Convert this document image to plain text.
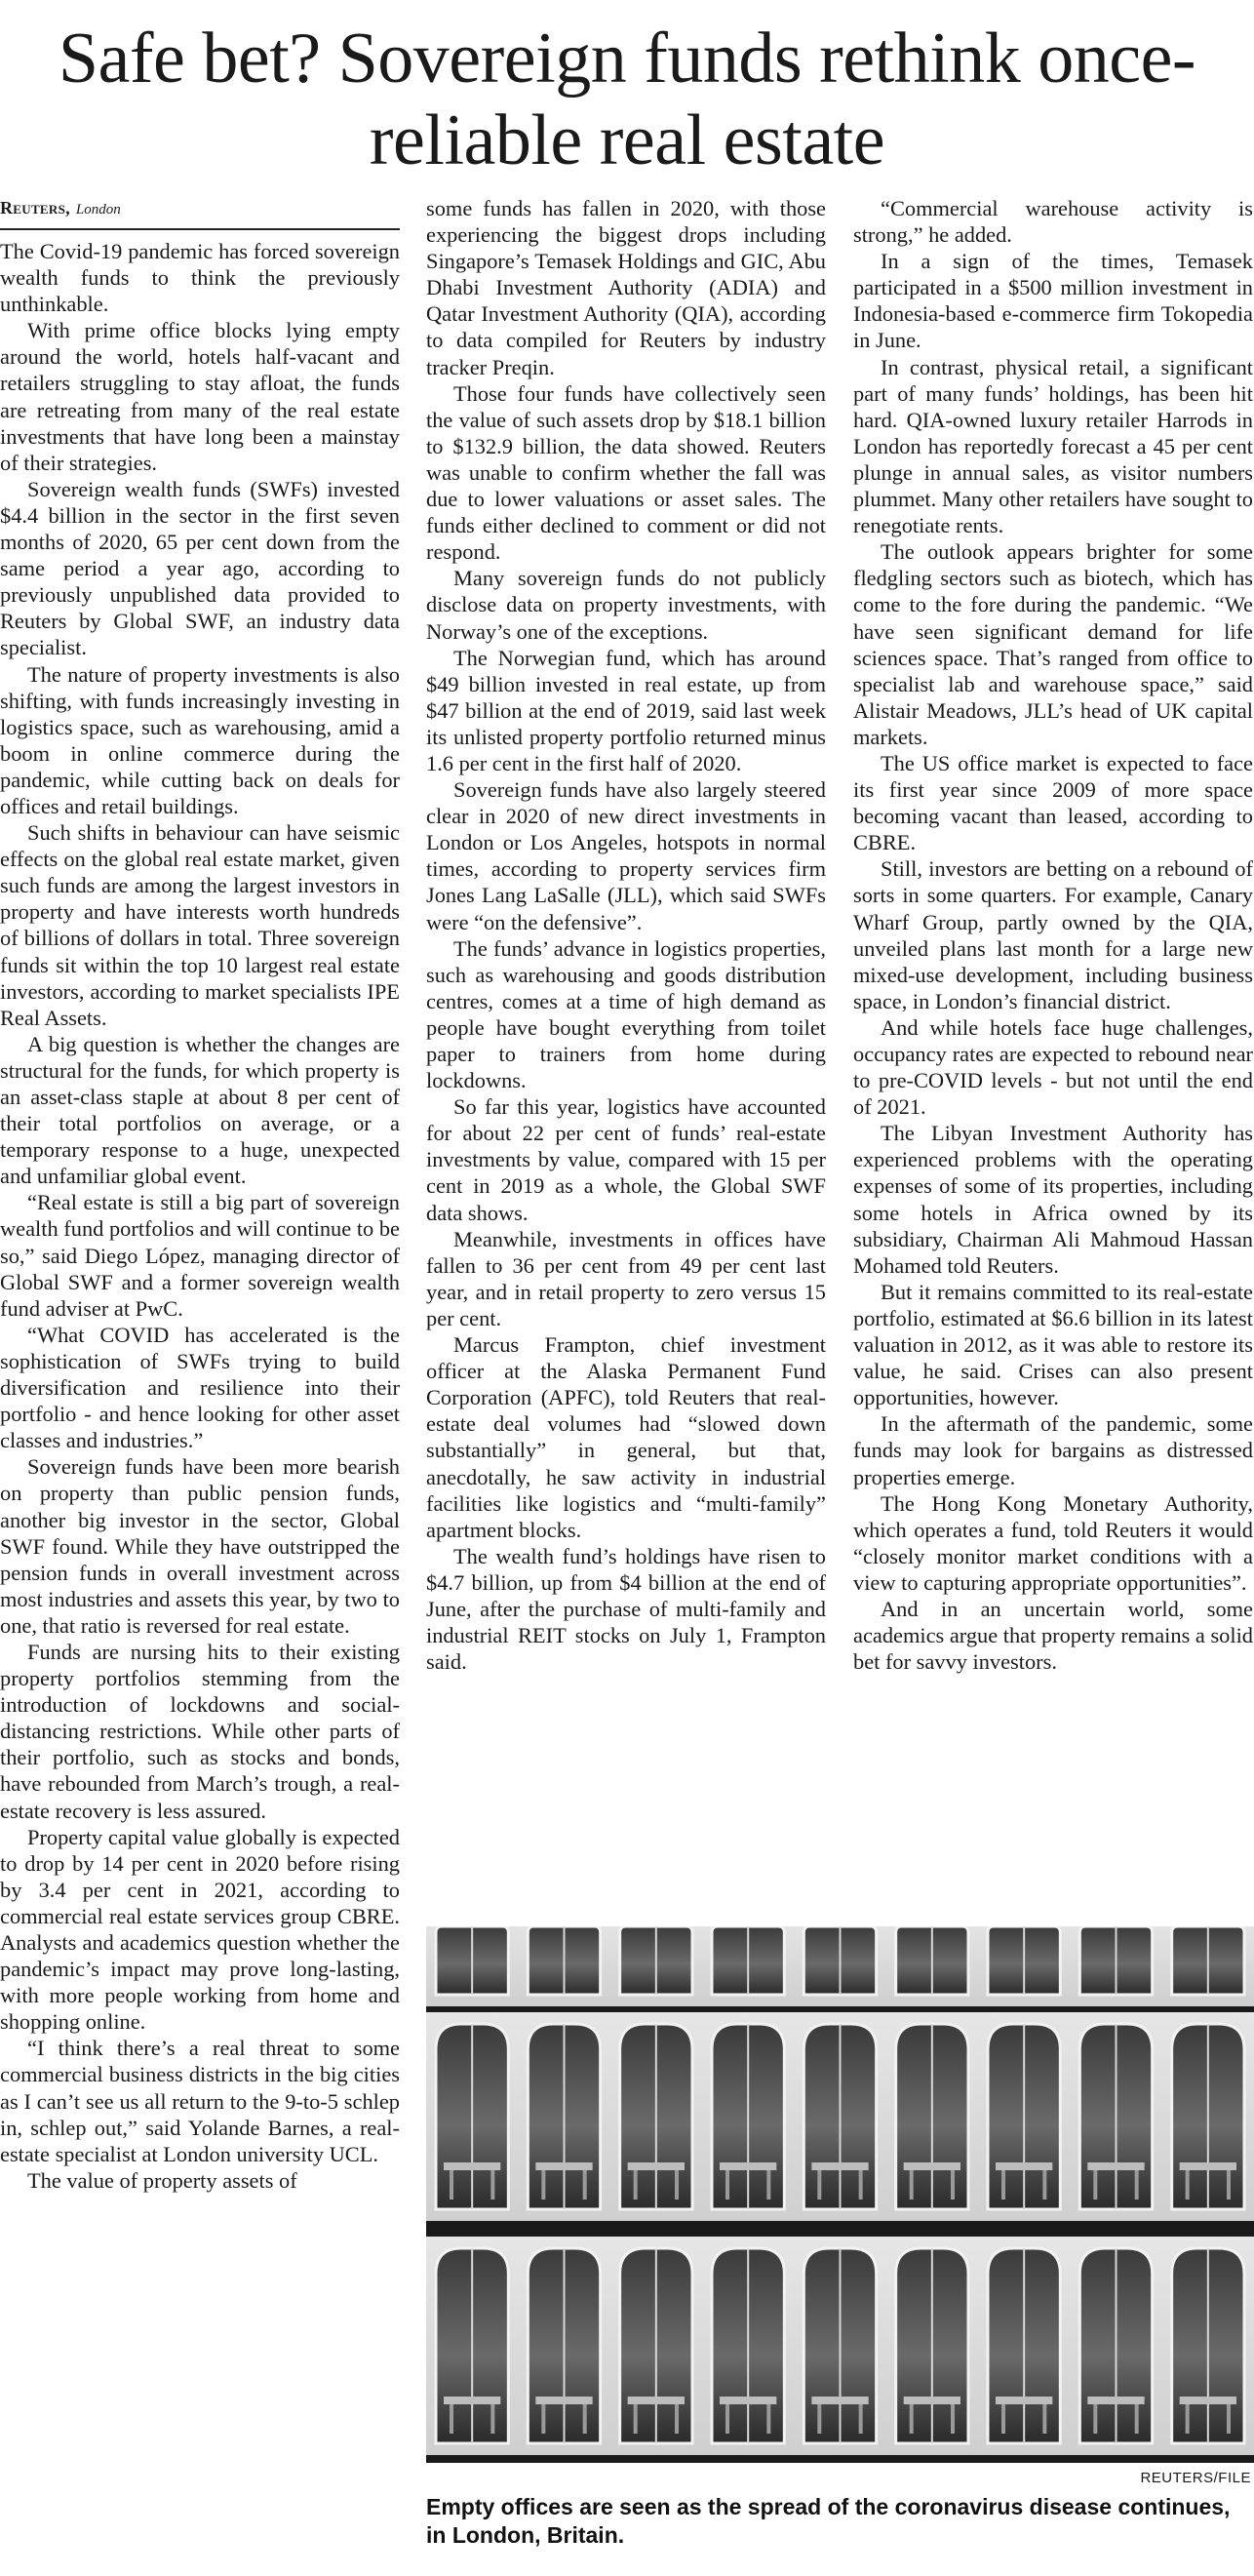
Safe bet? Sovereign funds rethink once-reliable real estate
Reuters, London

The Covid-19 pandemic has forced sovereign wealth funds to think the previously unthinkable.

With prime office blocks lying empty around the world, hotels half-vacant and retailers struggling to stay afloat, the funds are retreating from many of the real estate investments that have long been a mainstay of their strategies.

Sovereign wealth funds (SWFs) invested $4.4 billion in the sector in the first seven months of 2020, 65 per cent down from the same period a year ago, according to previously unpublished data provided to Reuters by Global SWF, an industry data specialist.

The nature of property investments is also shifting, with funds increasingly investing in logistics space, such as warehousing, amid a boom in online commerce during the pandemic, while cutting back on deals for offices and retail buildings.

Such shifts in behaviour can have seismic effects on the global real estate market, given such funds are among the largest investors in property and have interests worth hundreds of billions of dollars in total. Three sovereign funds sit within the top 10 largest real estate investors, according to market specialists IPE Real Assets.

A big question is whether the changes are structural for the funds, for which property is an asset-class staple at about 8 per cent of their total portfolios on average, or a temporary response to a huge, unexpected and unfamiliar global event.

“Real estate is still a big part of sovereign wealth fund portfolios and will continue to be so,” said Diego López, managing director of Global SWF and a former sovereign wealth fund adviser at PwC.

“What COVID has accelerated is the sophistication of SWFs trying to build diversification and resilience into their portfolio - and hence looking for other asset classes and industries.”

Sovereign funds have been more bearish on property than public pension funds, another big investor in the sector, Global SWF found. While they have outstripped the pension funds in overall investment across most industries and assets this year, by two to one, that ratio is reversed for real estate.

Funds are nursing hits to their existing property portfolios stemming from the introduction of lockdowns and social-distancing restrictions. While other parts of their portfolio, such as stocks and bonds, have rebounded from March’s trough, a real-estate recovery is less assured.

Property capital value globally is expected to drop by 14 per cent in 2020 before rising by 3.4 per cent in 2021, according to commercial real estate services group CBRE. Analysts and academics question whether the pandemic’s impact may prove long-lasting, with more people working from home and shopping online.

“I think there’s a real threat to some commercial business districts in the big cities as I can’t see us all return to the 9-to-5 schlep in, schlep out,” said Yolande Barnes, a real-estate specialist at London university UCL.

The value of property assets of

some funds has fallen in 2020, with those experiencing the biggest drops including Singapore’s Temasek Holdings and GIC, Abu Dhabi Investment Authority (ADIA) and Qatar Investment Authority (QIA), according to data compiled for Reuters by industry tracker Preqin.

Those four funds have collectively seen the value of such assets drop by $18.1 billion to $132.9 billion, the data showed. Reuters was unable to confirm whether the fall was due to lower valuations or asset sales. The funds either declined to comment or did not respond.

Many sovereign funds do not publicly disclose data on property investments, with Norway’s one of the exceptions.

The Norwegian fund, which has around $49 billion invested in real estate, up from $47 billion at the end of 2019, said last week its unlisted property portfolio returned minus 1.6 per cent in the first half of 2020.

Sovereign funds have also largely steered clear in 2020 of new direct investments in London or Los Angeles, hotspots in normal times, according to property services firm Jones Lang LaSalle (JLL), which said SWFs were “on the defensive”.

The funds’ advance in logistics properties, such as warehousing and goods distribution centres, comes at a time of high demand as people have bought everything from toilet paper to trainers from home during lockdowns.

So far this year, logistics have accounted for about 22 per cent of funds’ real-estate investments by value, compared with 15 per cent in 2019 as a whole, the Global SWF data shows.

Meanwhile, investments in offices have fallen to 36 per cent from 49 per cent last year, and in retail property to zero versus 15 per cent.

Marcus Frampton, chief investment officer at the Alaska Permanent Fund Corporation (APFC), told Reuters that real-estate deal volumes had “slowed down substantially” in general, but that, anecdotally, he saw activity in industrial facilities like logistics and “multi-family” apartment blocks.

The wealth fund’s holdings have risen to $4.7 billion, up from $4 billion at the end of June, after the purchase of multi-family and industrial REIT stocks on July 1, Frampton said.

“Commercial warehouse activity is strong,” he added.

In a sign of the times, Temasek participated in a $500 million investment in Indonesia-based e-commerce firm Tokopedia in June.

In contrast, physical retail, a significant part of many funds’ holdings, has been hit hard. QIA-owned luxury retailer Harrods in London has reportedly forecast a 45 per cent plunge in annual sales, as visitor numbers plummet. Many other retailers have sought to renegotiate rents.

The outlook appears brighter for some fledgling sectors such as biotech, which has come to the fore during the pandemic. “We have seen significant demand for life sciences space. That’s ranged from office to specialist lab and warehouse space,” said Alistair Meadows, JLL’s head of UK capital markets.

The US office market is expected to face its first year since 2009 of more space becoming vacant than leased, according to CBRE.

Still, investors are betting on a rebound of sorts in some quarters. For example, Canary Wharf Group, partly owned by the QIA, unveiled plans last month for a large new mixed-use development, including business space, in London’s financial district.

And while hotels face huge challenges, occupancy rates are expected to rebound near to pre-COVID levels - but not until the end of 2021.

The Libyan Investment Authority has experienced problems with the operating expenses of some of its properties, including some hotels in Africa owned by its subsidiary, Chairman Ali Mahmoud Hassan Mohamed told Reuters.

But it remains committed to its real-estate portfolio, estimated at $6.6 billion in its latest valuation in 2012, as it was able to restore its value, he said. Crises can also present opportunities, however.

In the aftermath of the pandemic, some funds may look for bargains as distressed properties emerge.

The Hong Kong Monetary Authority, which operates a fund, told Reuters it would “closely monitor market conditions with a view to capturing appropriate opportunities”.

And in an uncertain world, some academics argue that property remains a solid bet for savvy investors.

REUTERS/FILE
Empty offices are seen as the spread of the coronavirus disease continues, in London, Britain.
